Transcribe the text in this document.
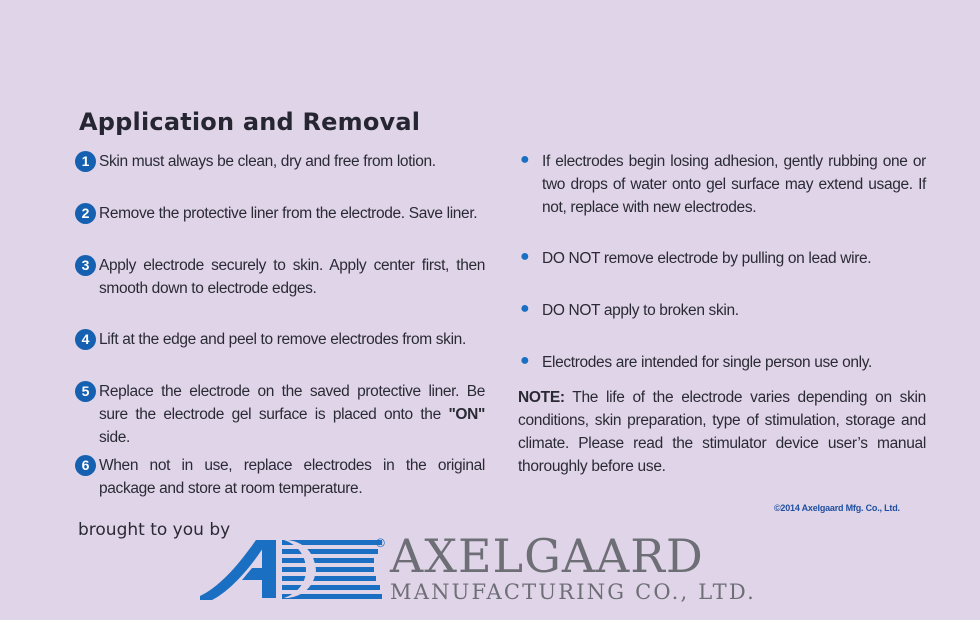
Application and Removal
1 Skin must always be clean, dry and free from lotion.
2 Remove the protective liner from the electrode. Save liner.
3 Apply electrode securely to skin. Apply center first, then smooth down to electrode edges.
4 Lift at the edge and peel to remove electrodes from skin.
5 Replace the electrode on the saved protective liner. Be sure the electrode gel surface is placed onto the "ON" side.
6 When not in use, replace electrodes in the original package and store at room temperature.
● If electrodes begin losing adhesion, gently rubbing one or two drops of water onto gel surface may extend usage. If not, replace with new electrodes.
● DO NOT remove electrode by pulling on lead wire.
● DO NOT apply to broken skin.
● Electrodes are intended for single person use only.
NOTE: The life of the electrode varies depending on skin conditions, skin preparation, type of stimulation, storage and climate. Please read the stimulator device user’s manual thoroughly before use.
©2014 Axelgaard Mfg. Co., Ltd.
brought to you by
® AXELGAARD
MANUFACTURING CO., LTD.
